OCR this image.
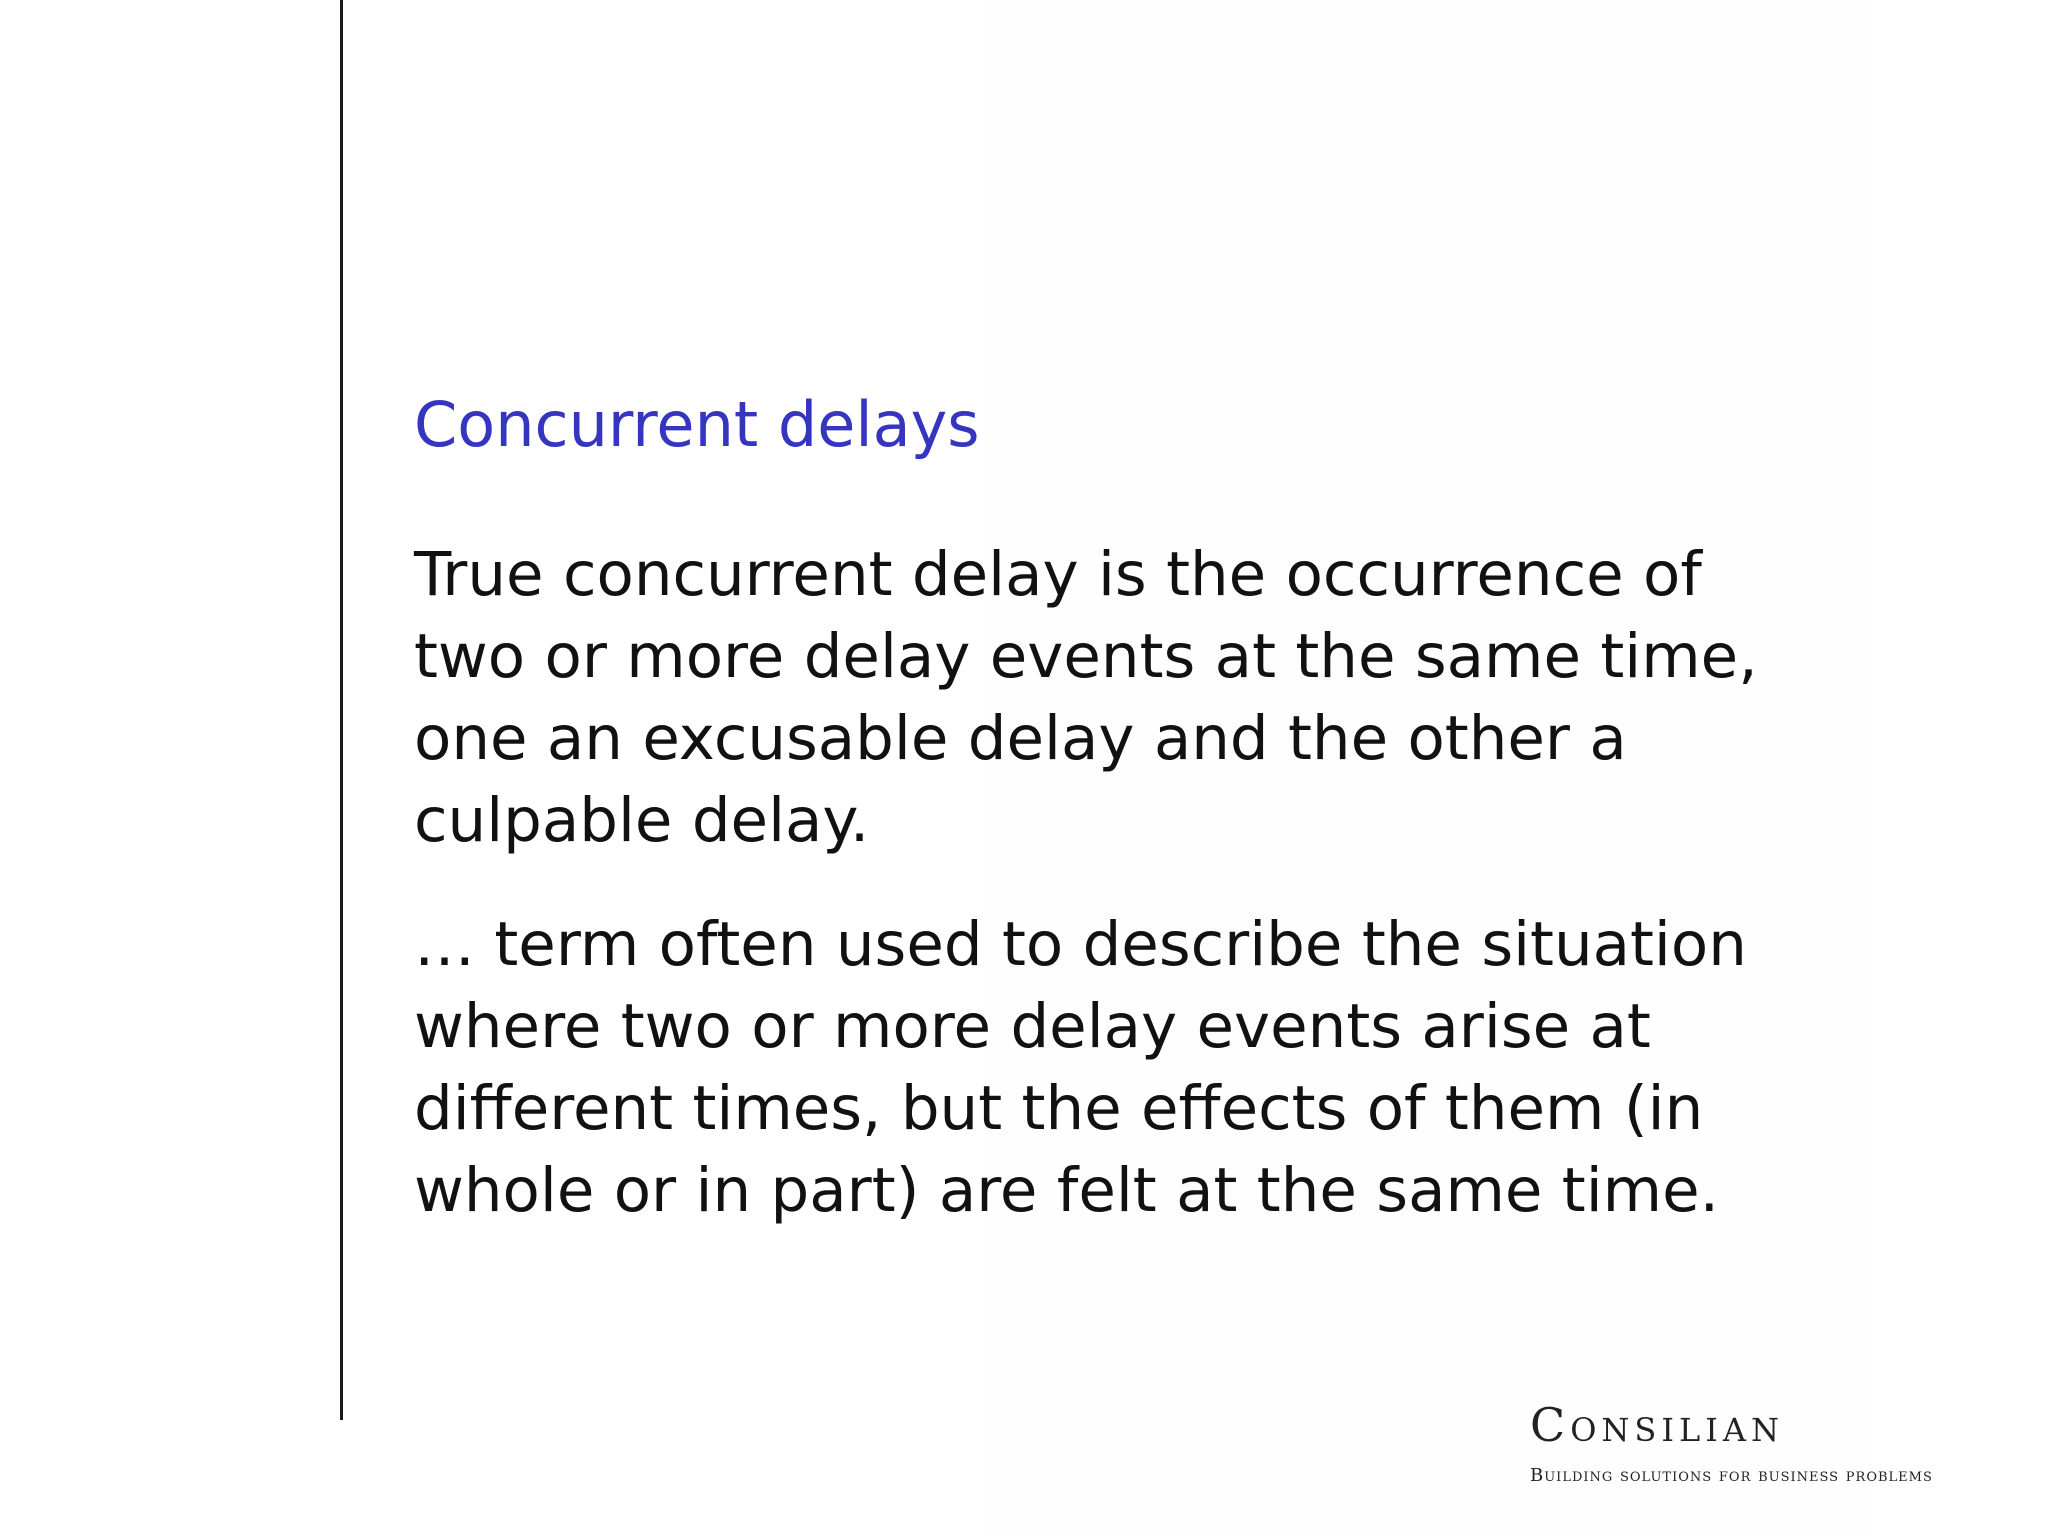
Concurrent delays

True concurrent delay is the occurrence of two or more delay events at the same time, one an excusable delay and the other a culpable delay.

… term often used to describe the situation where two or more delay events arise at different times, but the effects of them (in whole or in part) are felt at the same time.

Consilian
Building solutions for business problems
